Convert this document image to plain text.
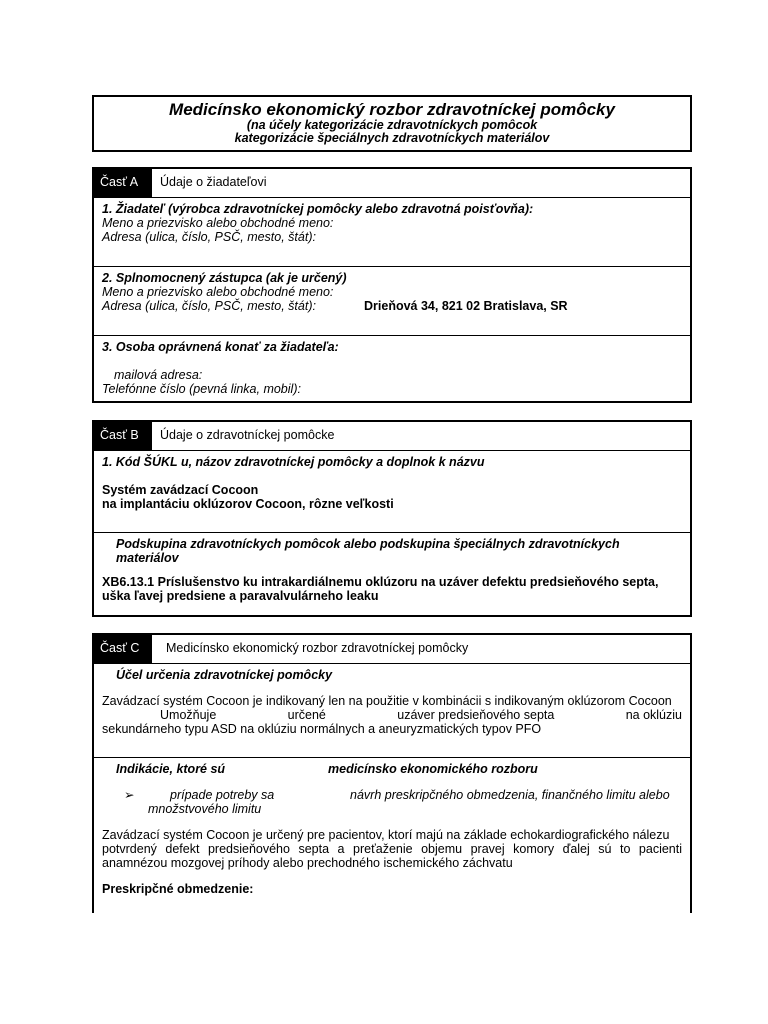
Medicínsko ekonomický rozbor zdravotníckej pomôcky
(na účely kategorizácie zdravotníckych pomôcok
kategorizácie špeciálnych zdravotníckych materiálov
Časť A	Údaje o žiadateľovi
1. Žiadateľ (výrobca zdravotníckej pomôcky alebo zdravotná poisťovňa):
Meno a priezvisko alebo obchodné meno:
Adresa (ulica, číslo, PSČ, mesto, štát):
2. Splnomocnený zástupca (ak je určený)
Meno a priezvisko alebo obchodné meno:
Adresa (ulica, číslo, PSČ, mesto, štát):	Drieňová 34, 821 02 Bratislava, SR
3. Osoba oprávnená konať za žiadateľa:
mailová adresa:
Telefónne číslo (pevná linka, mobil):
Časť B	Údaje o zdravotníckej pomôcke
1. Kód ŠÚKL u, názov zdravotníckej pomôcky a doplnok k názvu
Systém zavádzací Cocoon
na implantáciu oklúzorov Cocoon, rôzne veľkosti
Podskupina zdravotníckych pomôcok alebo podskupina špeciálnych zdravotníckych materiálov
XB6.13.1 Príslušenstvo ku intrakardiálnemu oklúzoru na uzáver defektu predsieňového septa, uška ľavej predsiene a paravalvulárneho leaku
Časť C	Medicínsko ekonomický rozbor zdravotníckej pomôcky
Účel určenia zdravotníckej pomôcky
Zavádzací systém Cocoon je indikovaný len na použitie v kombinácii s indikovaným oklúzorom Cocoon
Umožňuje	určené	uzáver predsieňového septa	na oklúziu
sekundárneho typu ASD na oklúziu normálnych a aneuryzmatických typov PFO
Indikácie, ktoré sú	medicínsko ekonomického rozboru
➢	prípade potreby sa	návrh preskripčného obmedzenia, finančného limitu alebo
množstvového limitu
Zavádzací systém Cocoon je určený pre pacientov, ktorí majú na základe echokardiografického nálezu
potvrdený defekt predsieňového septa a preťaženie objemu pravej komory ďalej sú to pacienti
anamnézou mozgovej príhody alebo prechodného ischemického záchvatu
Preskripčné obmedzenie:
